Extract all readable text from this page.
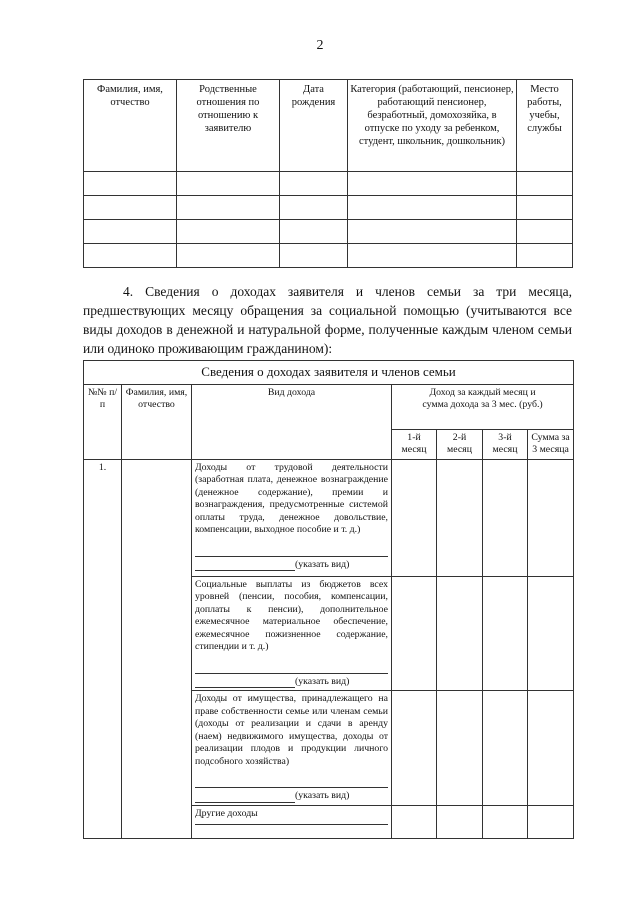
2
Фамилия, имя, отчество	Родственные отношения по отношению к заявителю	Дата рождения	Категория (работающий, пенсионер, работающий пенсионер, безработный, домохозяйка, в отпуске по уходу за ребенком, студент, школьник, дошкольник)	Место работы, учебы, службы

4. Сведения о доходах заявителя и членов семьи за три месяца, предшествующих месяцу обращения за социальной помощью (учитываются все виды доходов в денежной и натуральной форме, полученные каждым членом семьи или одиноко проживающим гражданином):
Сведения о доходах заявителя и членов семьи						
№№ п/п	Фамилия, имя, отчество	Вид дохода	Доход за каждый месяц и сумма дохода за 3 мес. (руб.)			
			1-й месяц	2-й месяц	3-й месяц	Сумма за 3 месяца
1.		Доходы от трудовой деятельности (заработная плата, денежное вознаграждение (денежное содержание), премии и вознаграждения, предусмотренные системой оплаты труда, денежное довольствие, компенсации, выходное пособие и т. д.)
(указать вид)				

		Социальные выплаты из бюджетов всех уровней (пенсии, пособия, компенсации, доплаты к пенсии), дополнительное ежемесячное материальное обеспечение, ежемесячное пожизненное содержание, стипендии и т. д.)
(указать вид)				

		Доходы от имущества, принадлежащего на праве собственности семье или членам семьи (доходы от реализации и сдачи в аренду (наем) недвижимого имущества, доходы от реализации плодов и продукции личного подсобного хозяйства)
(указать вид)				

		Другие доходы				
